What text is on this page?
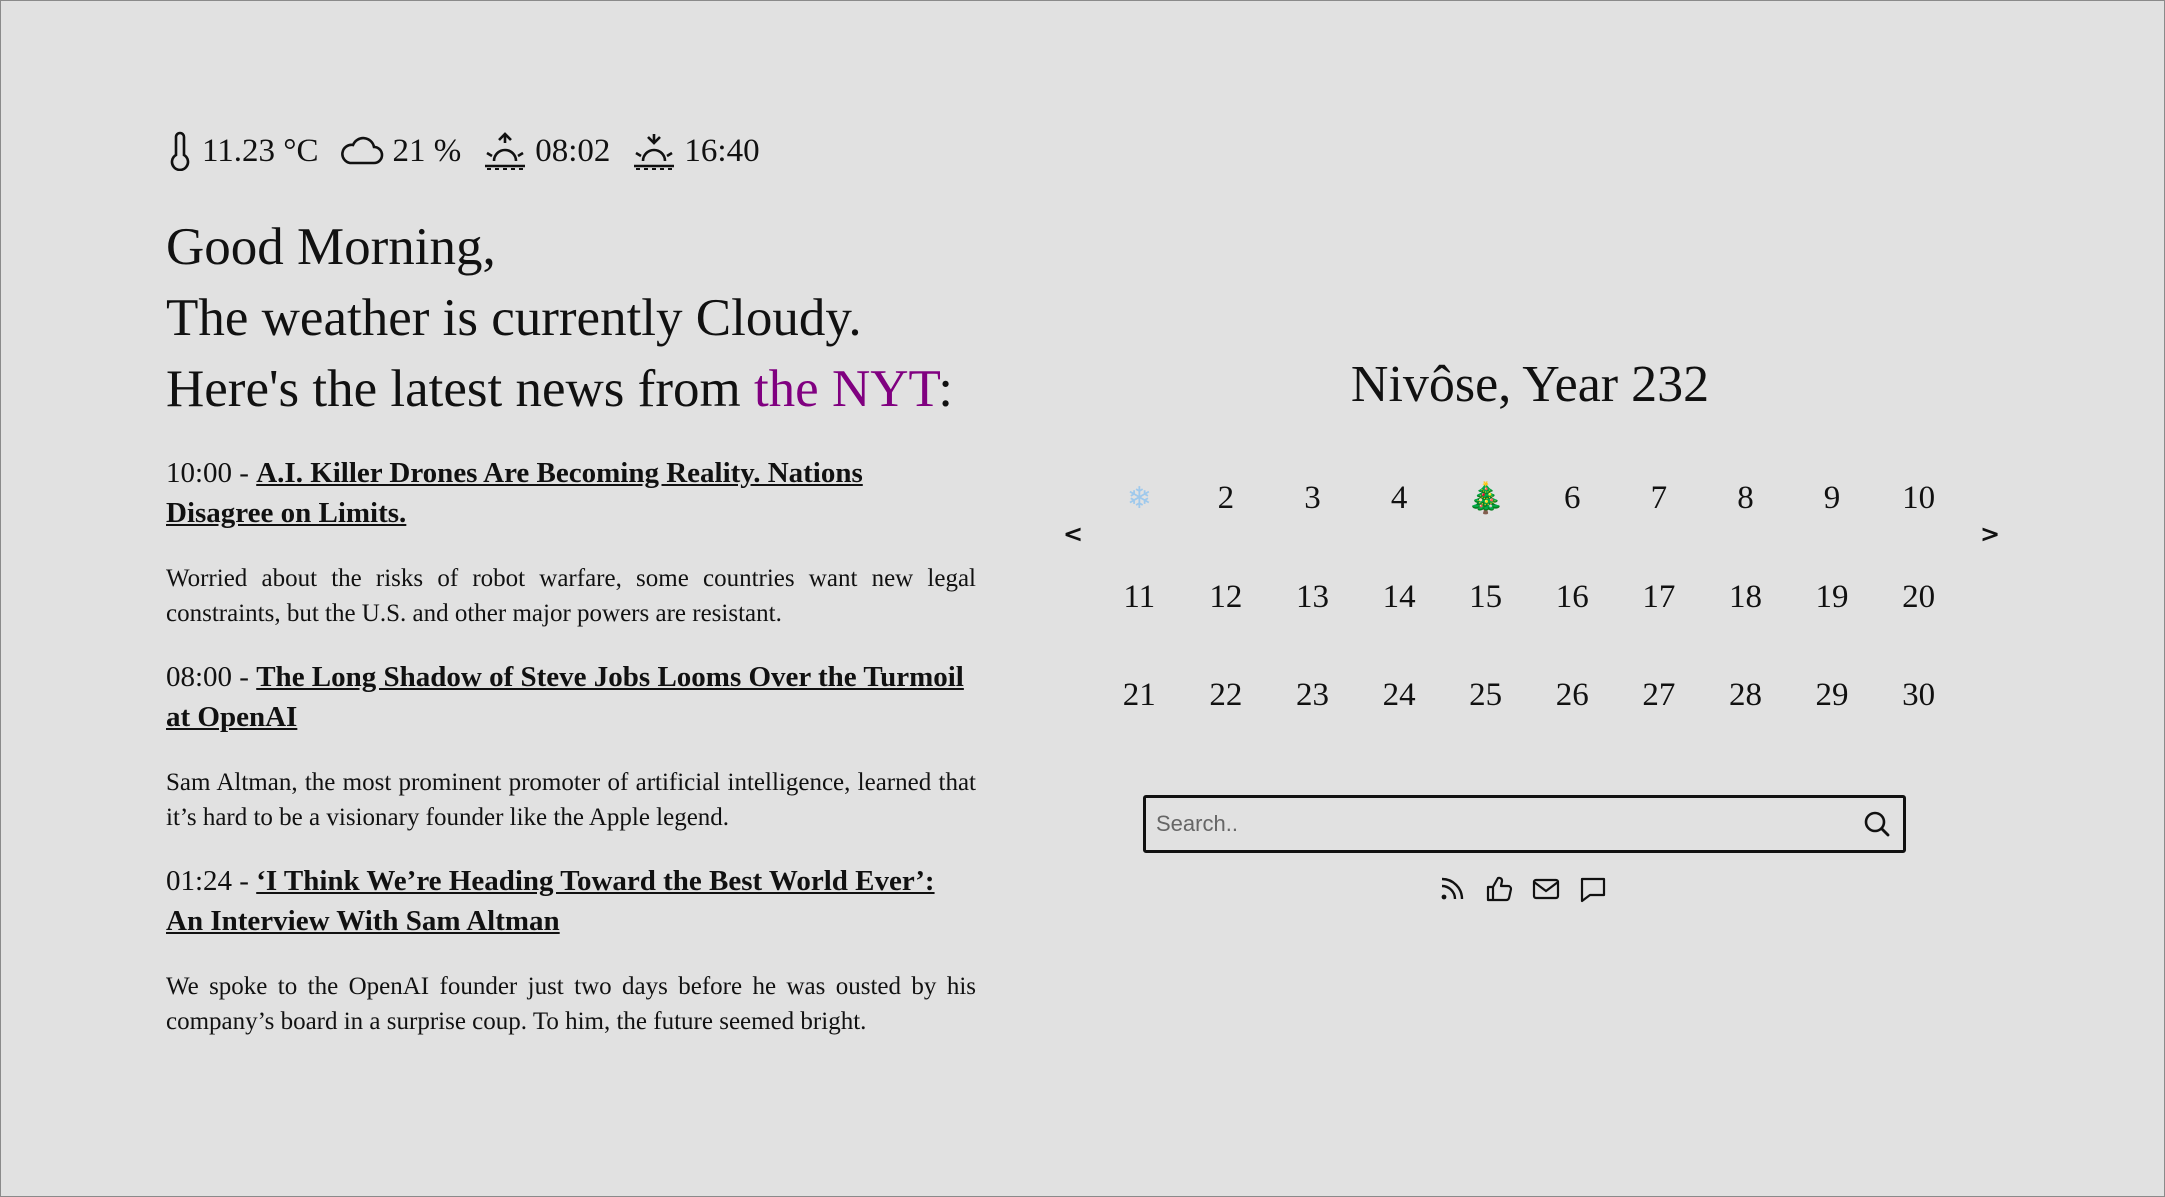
11.23 °C 21 % 08:02 16:40
Good Morning,
The weather is currently Cloudy.
Here's the latest news from the NYT:
10:00 - A.I. Killer Drones Are Becoming Reality. Nations Disagree on Limits.
Worried about the risks of robot warfare, some countries want new legal constraints, but the U.S. and other major powers are resistant.
08:00 - The Long Shadow of Steve Jobs Looms Over the Turmoil at OpenAI
Sam Altman, the most prominent promoter of artificial intelligence, learned that it’s hard to be a visionary founder like the Apple legend.
01:24 - ‘I Think We’re Heading Toward the Best World Ever’: An Interview With Sam Altman
We spoke to the OpenAI founder just two days before he was ousted by his company’s board in a surprise coup. To him, the future seemed bright.
Nivôse, Year 232
<	>
❄	2	3	4	🎄	6	7	8	9	10
11	12	13	14	15	16	17	18	19	20
21	22	23	24	25	26	27	28	29	30
Search..
